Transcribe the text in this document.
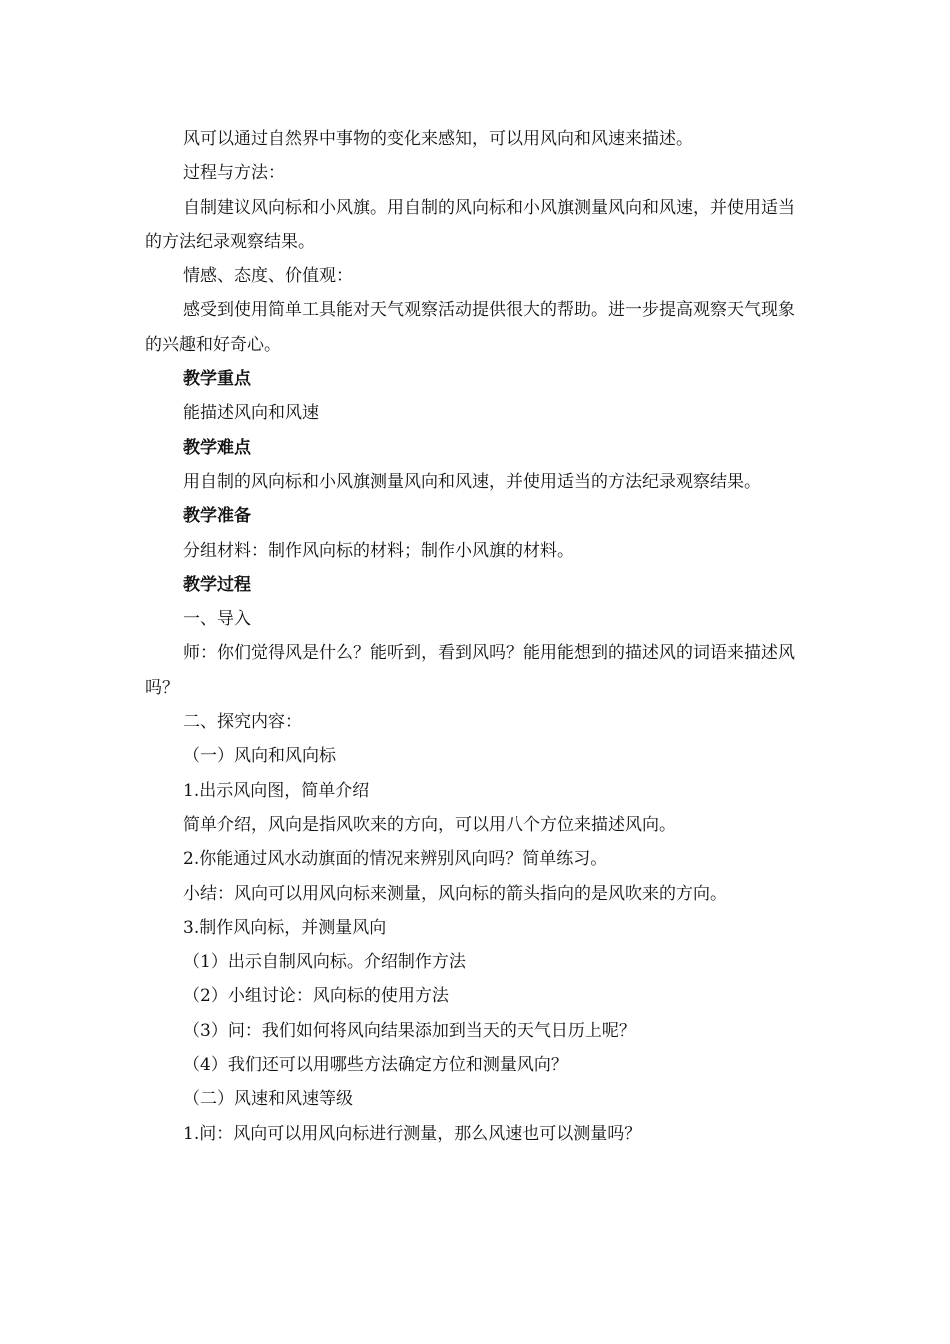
风可以通过自然界中事物的变化来感知，可以用风向和风速来描述。

过程与方法：

自制建议风向标和小风旗。用自制的风向标和小风旗测量风向和风速，并使用适当的方法纪录观察结果。

情感、态度、价值观：

感受到使用简单工具能对天气观察活动提供很大的帮助。进一步提高观察天气现象的兴趣和好奇心。

教学重点

能描述风向和风速

教学难点

用自制的风向标和小风旗测量风向和风速，并使用适当的方法纪录观察结果。

教学准备

分组材料：制作风向标的材料；制作小风旗的材料。

教学过程

一、导入

师：你们觉得风是什么？能听到，看到风吗？能用能想到的描述风的词语来描述风吗？

二、探究内容：

（一）风向和风向标

1.出示风向图，简单介绍

简单介绍，风向是指风吹来的方向，可以用八个方位来描述风向。

2.你能通过风水动旗面的情况来辨别风向吗？简单练习。

小结：风向可以用风向标来测量，风向标的箭头指向的是风吹来的方向。

3.制作风向标，并测量风向

（1）出示自制风向标。介绍制作方法

（2）小组讨论：风向标的使用方法

（3）问：我们如何将风向结果添加到当天的天气日历上呢？

（4）我们还可以用哪些方法确定方位和测量风向？

（二）风速和风速等级

1.问：风向可以用风向标进行测量，那么风速也可以测量吗？
